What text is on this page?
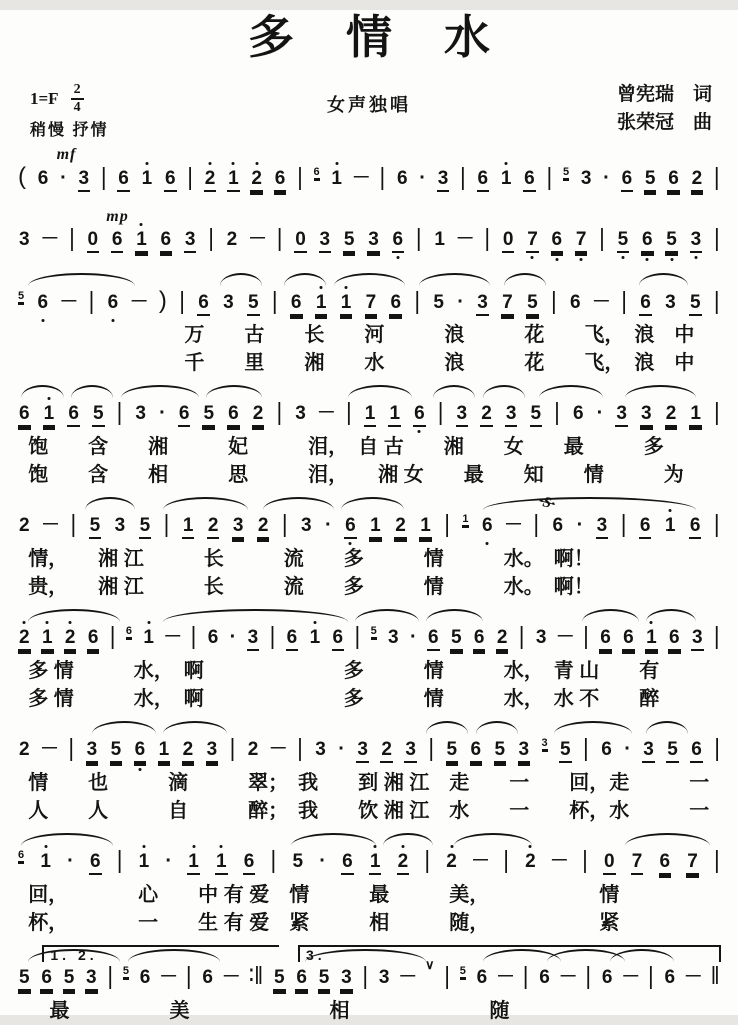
多情水
1=F 2
4	女声独唱	曾宪瑞　词
张荣冠　曲
稍慢 抒情
mf
( 6 · 3 | 6 1 6 | 2 1 2 6 | 6 1 — | 6 · 3 | 6 1 6 | 5 3 · 6 5 6 2 |
mp
3 — | 0 6 1 6 3 | 2 — | 0 3 5 3 6 | 1 — | 0 7 6 7 | 5 6 5 3 |
5 6 — | 6 — ) | 6 3 5 | 6 1 1 7 6 | 5 · 3 7 5 | 6 — | 6 3 5 |
万　　古　　长　　河　　　浪　　　花　　飞，　浪　中
千　　里　　湘　　水　　　浪　　　花　　飞，　浪　中
6 1 6 5 | 3 · 6 5 6 2 | 3 — | 1 1 6 | 3 2 3 5 | 6 · 3 3 2 1 |
饱　　含　　湘　　　妃　　　泪，　自 古　　湘　　女　　最　　　多
饱　　含　　相　　　思　　　泪，　　湘 女　　最　　知　　情　　　为
· S ·
2 — | 5 3 5 | 1 2 3 2 | 3 · 6 1 2 1 | 1 6 — | 6 · 3 | 6 1 6 |
情，　　湘 江　　　长　　　流　　多　　　情　　　水。　啊！
贵，　　湘 江　　　长　　　流　　多　　　情　　　水。　啊！
2 1 2 6 | 6 1 — | 6 · 3 | 6 1 6 | 5 3 · 6 5 6 2 | 3 — | 6 6 1 6 3 |
多 情　　　水，　啊　　　　　　　多　　　情　　　水，　青 山　　有
多 情　　　水，　啊　　　　　　　多　　　情　　　水，　水 不　　醉
2 — | 3 5 6 1 2 3 | 2 — | 3 · 3 2 3 | 5 6 5 3 3 5 | 6 · 3 5 6 |
情　　也　　　滴　　　翠；　我　　到 湘 江　走　　一　　回，走　　　一
人　　人　　　自　　　醉；　我　　饮 湘 江　水　　一　　杯，水　　　一
6 1 · 6 | 1 · 1 1 6 | 5 · 6 1 2 | 2 — | 2 — | 0 7 6 7 |
回，　　　　心　　中 有 爱　情　　　最　　　美，　　　　　　情
杯，　　　　一　　生 有 爱　紧　　　相　　　随，　　　　　　紧
1. 2.	3.
5 6 5 3 | 5 6 — | 6 — ∶‖ 5 6 5 3 | 3 —
∨ | 5 6 — | 6 — | 6 — | 6 — ‖
最　　　　　美　　　　　　　相　　　　　　　随
